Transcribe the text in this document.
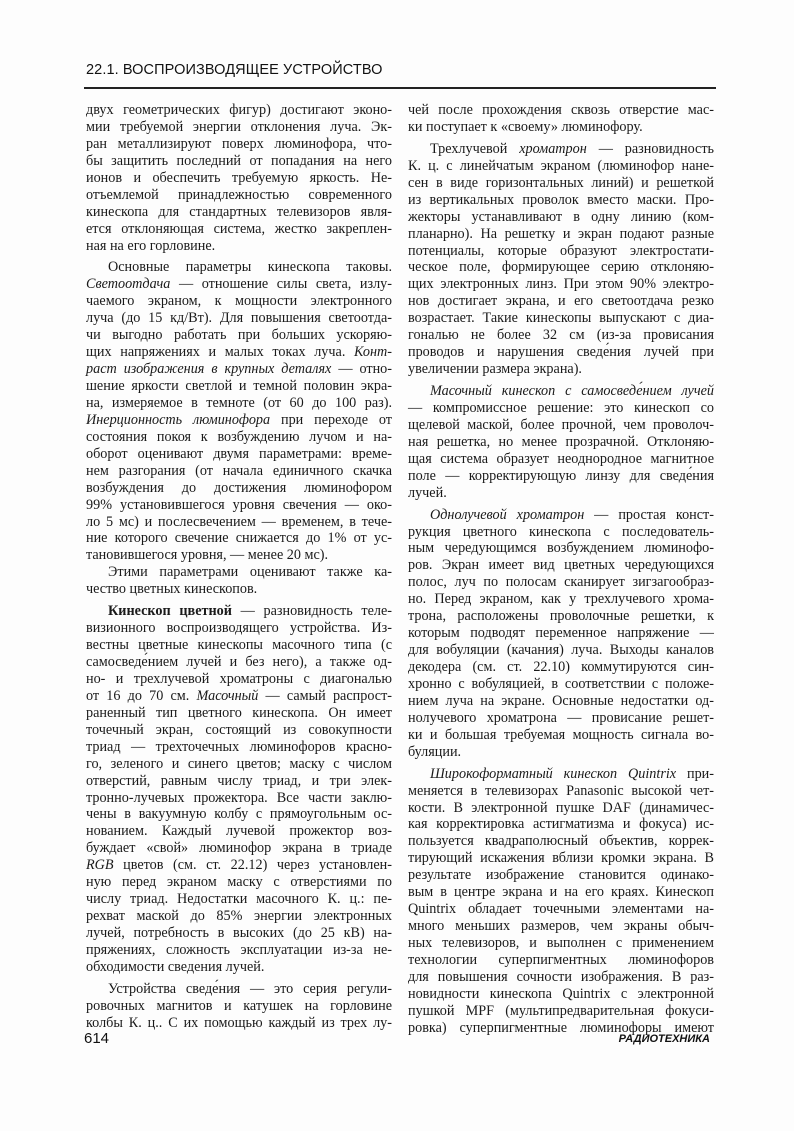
22.1. ВОСПРОИЗВОДЯЩЕЕ УСТРОЙСТВО
двух геометрических фигур) достигают эконо-
мии требуемой энергии отклонения луча. Эк-
ран металлизируют поверх люминофора, что-
бы защитить последний от попадания на него
ионов и обеспечить требуемую яркость. Не-
отъемлемой принадлежностью современного
кинескопа для стандартных телевизоров явля-
ется отклоняющая система, жестко закреплен-
ная на его горловине.
Основные параметры кинескопа таковы.
Светоотдача — отношение силы света, излу-
чаемого экраном, к мощности электронного
луча (до 15 кд/Вт). Для повышения светоотда-
чи выгодно работать при больших ускоряю-
щих напряжениях и малых токах луча. Конт-
раст изображения в крупных деталях — отно-
шение яркости светлой и темной половин экра-
на, измеряемое в темноте (от 60 до 100 раз).
Инерционность люминофора при переходе от
состояния покоя к возбуждению лучом и на-
оборот оценивают двумя параметрами: време-
нем разгорания (от начала единичного скачка
возбуждения до достижения люминофором
99% установившегося уровня свечения — око-
ло 5 мс) и послесвечением — временем, в тече-
ние которого свечение снижается до 1% от ус-
тановившегося уровня, — менее 20 мс).
Этими параметрами оценивают также ка-
чество цветных кинескопов.
Кинескоп цветной — разновидность теле-
визионного воспроизводящего устройства. Из-
вестны цветные кинескопы масочного типа (с
самосведе́нием лучей и без него), а также од-
но- и трехлучевой хроматроны с диагональю
от 16 до 70 см. Масочный — самый распрост-
раненный тип цветного кинескопа. Он имеет
точечный экран, состоящий из совокупности
триад — трехточечных люминофоров красно-
го, зеленого и синего цветов; маску с числом
отверстий, равным числу триад, и три элек-
тронно-лучевых прожектора. Все части заклю-
чены в вакуумную колбу с прямоугольным ос-
нованием. Каждый лучевой прожектор воз-
буждает «свой» люминофор экрана в триаде
RGB цветов (см. ст. 22.12) через установлен-
ную перед экраном маску с отверстиями по
числу триад. Недостатки масочного К. ц.: пе-
рехват маской до 85% энергии электронных
лучей, потребность в высоких (до 25 кВ) на-
пряжениях, сложность эксплуатации из-за не-
обходимости сведения лучей.
Устройства сведе́ния — это серия регули-
ровочных магнитов и катушек на горловине
колбы К. ц.. С их помощью каждый из трех лу-
чей после прохождения сквозь отверстие мас-
ки поступает к «своему» люминофору.
Трехлучевой хроматрон — разновидность
К. ц. с линейчатым экраном (люминофор нане-
сен в виде горизонтальных линий) и решеткой
из вертикальных проволок вместо маски. Про-
жекторы устанавливают в одну линию (ком-
планарно). На решетку и экран подают разные
потенциалы, которые образуют электростати-
ческое поле, формирующее серию отклоняю-
щих электронных линз. При этом 90% электро-
нов достигает экрана, и его светоотдача резко
возрастает. Такие кинескопы выпускают с диа-
гональю не более 32 см (из-за провисания
проводов и нарушения сведе́ния лучей при
увеличении размера экрана).
Масочный кинескоп с самосведе́нием лучей
— компромиссное решение: это кинескоп со
щелевой маской, более прочной, чем проволоч-
ная решетка, но менее прозрачной. Отклоняю-
щая система образует неоднородное магнитное
поле — корректирующую линзу для сведе́ния
лучей.
Однолучевой хроматрон — простая конст-
рукция цветного кинескопа с последователь-
ным чередующимся возбуждением люминофо-
ров. Экран имеет вид цветных чередующихся
полос, луч по полосам сканирует зигзагообраз-
но. Перед экраном, как у трехлучевого хрома-
трона, расположены проволочные решетки, к
которым подводят переменное напряжение —
для вобуляции (качания) луча. Выходы каналов
декодера (см. ст. 22.10) коммутируются син-
хронно с вобуляцией, в соответствии с положе-
нием луча на экране. Основные недостатки од-
нолучевого хроматрона — провисание решет-
ки и большая требуемая мощность сигнала во-
буляции.
Широкоформатный кинескоп Quintrix при-
меняется в телевизорах Panasonic высокой чет-
кости. В электронной пушке DAF (динамичес-
кая корректировка астигматизма и фокуса) ис-
пользуется квадраполюсный объектив, коррек-
тирующий искажения вблизи кромки экрана. В
результате изображение становится одинако-
вым в центре экрана и на его краях. Кинескоп
Quintrix обладает точечными элементами на-
много меньших размеров, чем экраны обыч-
ных телевизоров, и выполнен с применением
технологии суперпигментных люминофоров
для повышения сочности изображения. В раз-
новидности кинескопа Quintrix с электронной
пушкой MPF (мультипредварительная фокуси-
ровка) суперпигментные люминофоры имеют
614	РАДИОТЕХНИКА
